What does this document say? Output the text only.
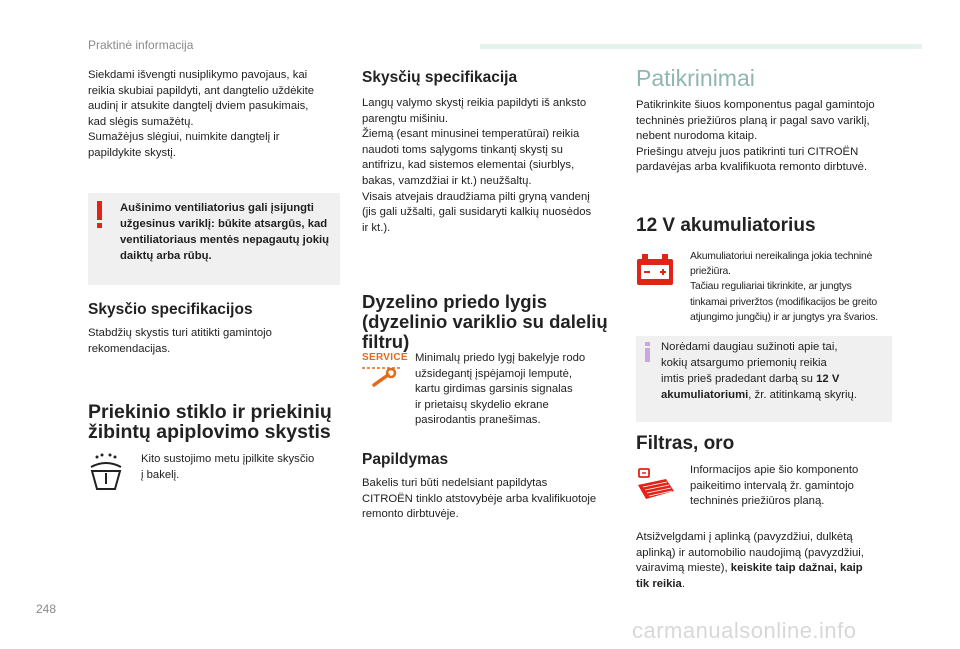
Praktinė informacija
Siekdami išvengti nusiplikymo pavojaus, kai
reikia skubiai papildyti, ant dangtelio uždėkite
audinį ir atsukite dangtelį dviem pasukimais,
kad slėgis sumažėtų.
Sumažėjus slėgiui, nuimkite dangtelį ir
papildykite skystį.
Aušinimo ventiliatorius gali įsijungti
užgesinus variklį: būkite atsargūs, kad
ventiliatoriaus mentės nepagautų jokių
daiktų arba rūbų.
Skysčio specifikacijos
Stabdžių skystis turi atitikti gamintojo
rekomendacijas.
Priekinio stiklo ir priekinių
žibintų apiplovimo skystis
Kito sustojimo metu įpilkite skysčio
į bakelį.
Skysčių specifikacija
Langų valymo skystį reikia papildyti iš anksto
parengtu mišiniu.
Žiemą (esant minusinei temperatūrai) reikia
naudoti toms sąlygoms tinkantį skystį su
antifrizu, kad sistemos elementai (siurblys,
bakas, vamzdžiai ir kt.) neužšaltų.
Visais atvejais draudžiama pilti gryną vandenį
(jis gali užšalti, gali susidaryti kalkių nuosėdos
ir kt.).
Dyzelino priedo lygis
(dyzelinio variklio su dalelių
filtru)
SERVICE Minimalų priedo lygį bakelyje rodo
užsidegantį įspėjamoji lemputė,
kartu girdimas garsinis signalas
ir prietaisų skydelio ekrane
pasirodantis pranešimas.
Papildymas
Bakelis turi būti nedelsiant papildytas
CITROËN tinklo atstovybėje arba kvalifikuotoje
remonto dirbtuvėje.
Patikrinimai
Patikrinkite šiuos komponentus pagal gamintojo
techninės priežiūros planą ir pagal savo variklį,
nebent nurodoma kitaip.
Priešingu atveju juos patikrinti turi CITROËN
pardavėjas arba kvalifikuota remonto dirbtuvė.
12 V akumuliatorius
Akumuliatoriui nereikalinga jokia techninė
priežiūra.
Tačiau reguliariai tikrinkite, ar jungtys
tinkamai priveržtos (modifikacijos be greito
atjungimo jungčių) ir ar jungtys yra švarios.
Norėdami daugiau sužinoti apie tai,
kokių atsargumo priemonių reikia
imtis prieš pradedant darbą su 12 V
akumuliatoriumi, žr. atitinkamą skyrių.
Filtras, oro
Informacijos apie šio komponento
paikeitimo intervalą žr. gamintojo
techninės priežiūros planą.
Atsižvelgdami į aplinką (pavyzdžiui, dulkėtą
aplinką) ir automobilio naudojimą (pavyzdžiui,
vairavimą mieste), keiskite taip dažnai, kaip
tik reikia.
248
carmanualsonline.info
